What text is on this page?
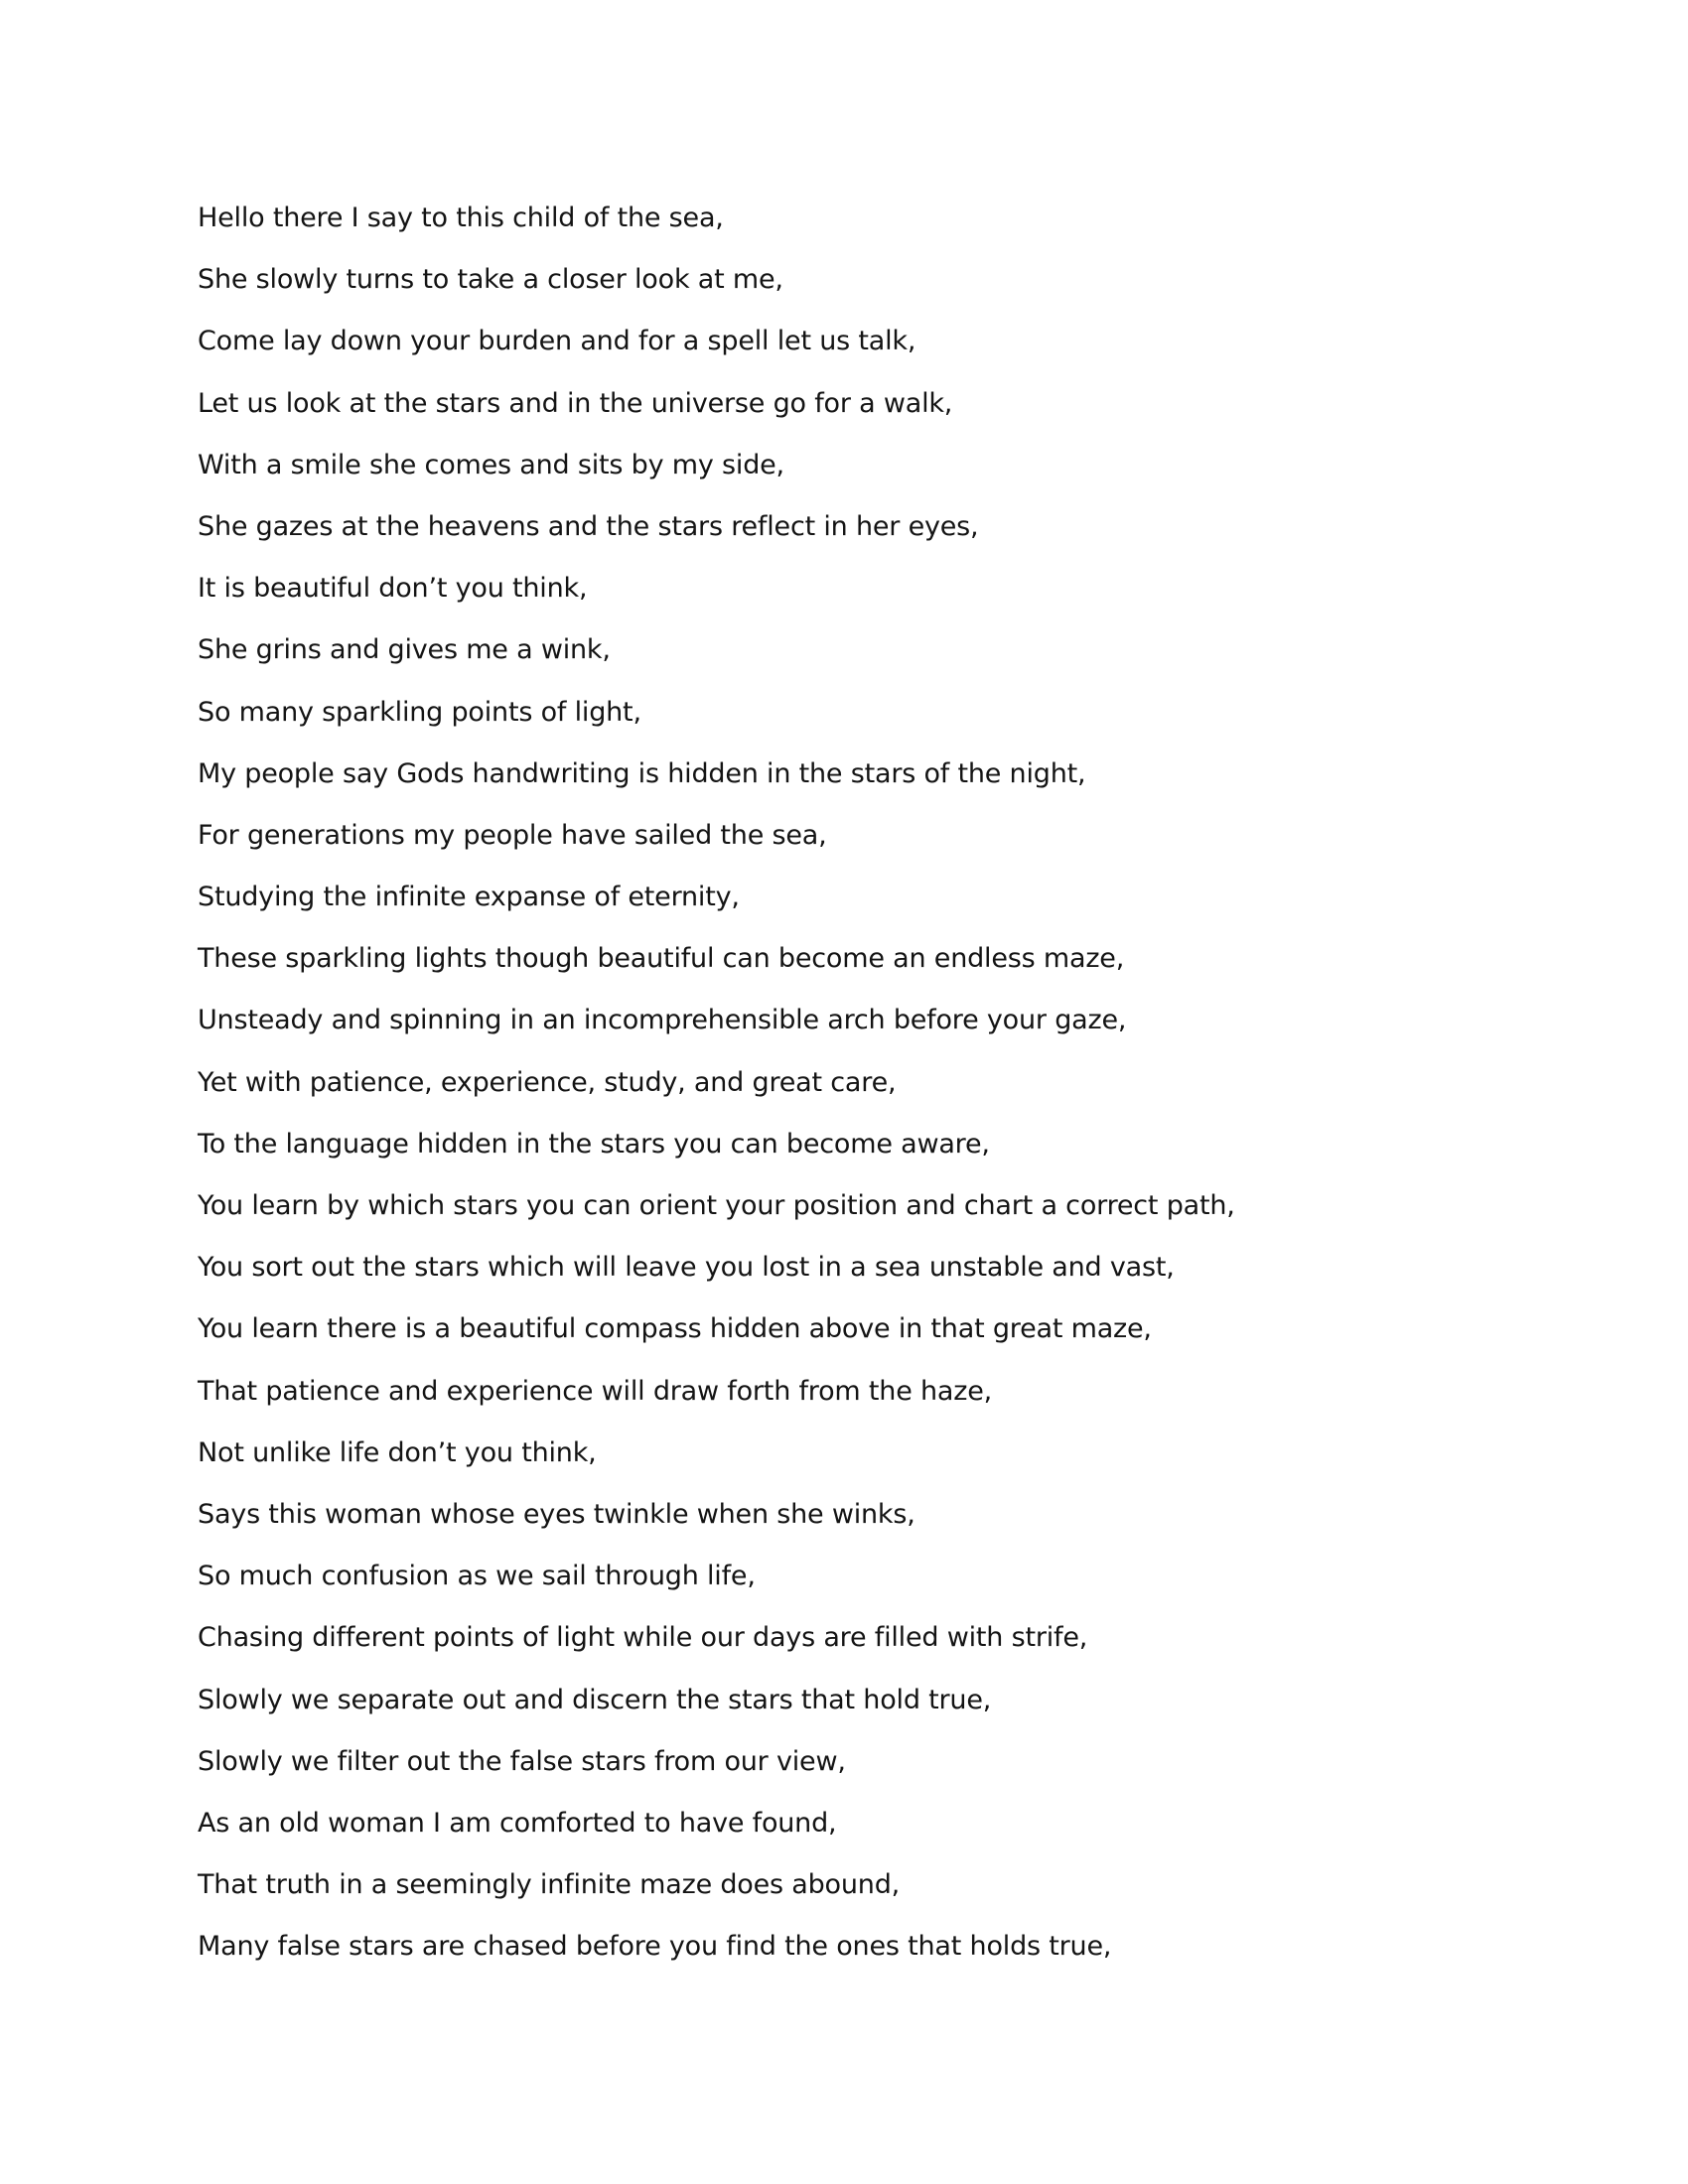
Hello there I say to this child of the sea,
She slowly turns to take a closer look at me,
Come lay down your burden and for a spell let us talk,
Let us look at the stars and in the universe go for a walk,
With a smile she comes and sits by my side,
She gazes at the heavens and the stars reflect in her eyes,
It is beautiful don’t you think,
She grins and gives me a wink,
So many sparkling points of light,
My people say Gods handwriting is hidden in the stars of the night,
For generations my people have sailed the sea,
Studying the infinite expanse of eternity,
These sparkling lights though beautiful can become an endless maze,
Unsteady and spinning in an incomprehensible arch before your gaze,
Yet with patience, experience, study, and great care,
To the language hidden in the stars you can become aware,
You learn by which stars you can orient your position and chart a correct path,
You sort out the stars which will leave you lost in a sea unstable and vast,
You learn there is a beautiful compass hidden above in that great maze,
That patience and experience will draw forth from the haze,
Not unlike life don’t you think,
Says this woman whose eyes twinkle when she winks,
So much confusion as we sail through life,
Chasing different points of light while our days are filled with strife,
Slowly we separate out and discern the stars that hold true,
Slowly we filter out the false stars from our view,
As an old woman I am comforted to have found,
That truth in a seemingly infinite maze does abound,
Many false stars are chased before you find the ones that holds true,
